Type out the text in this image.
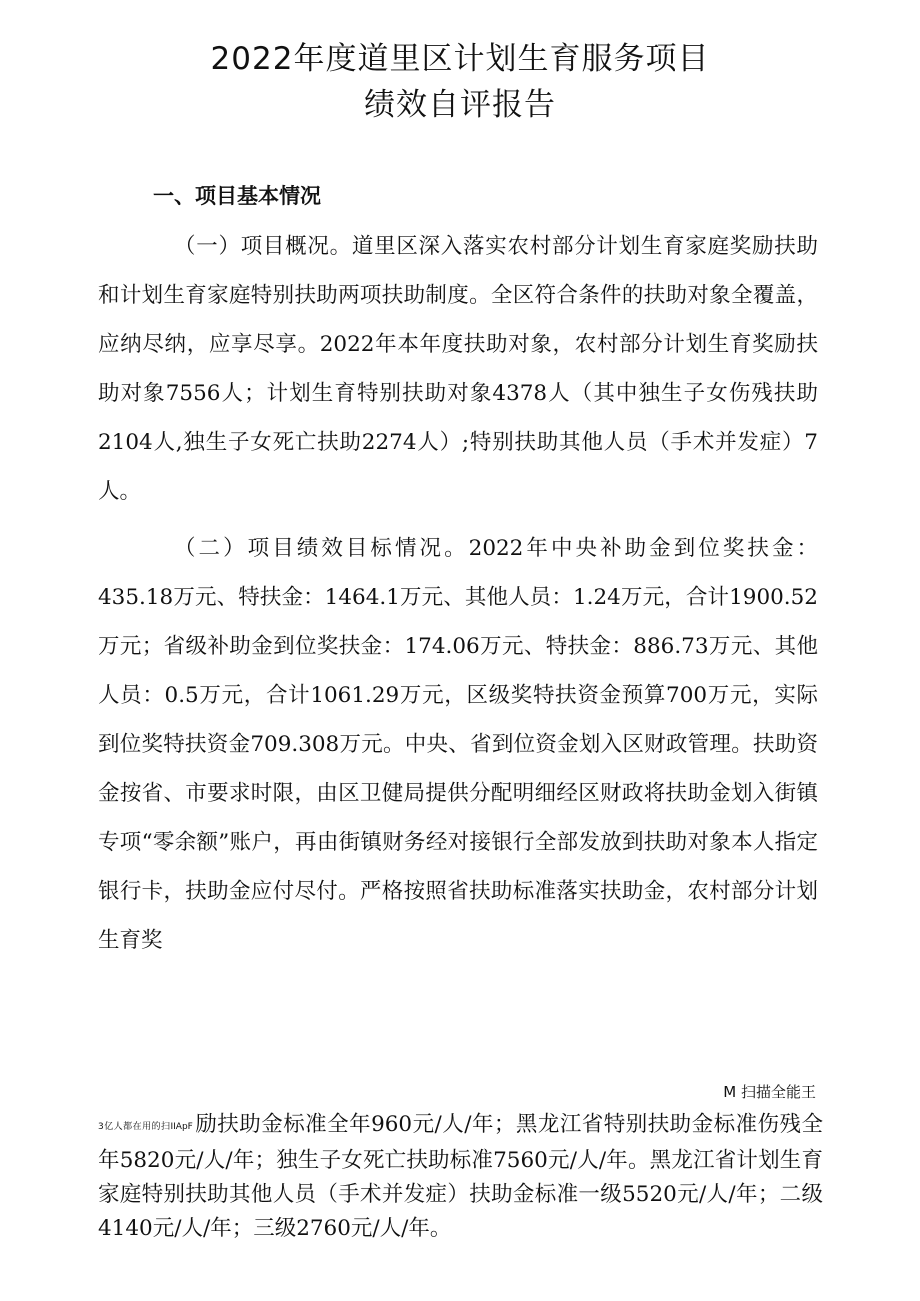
2022年度道里区计划生育服务项目
绩效自评报告
一、项目基本情况

（一）项目概况。道里区深入落实农村部分计划生育家庭奖励扶助和计划生育家庭特别扶助两项扶助制度。全区符合条件的扶助对象全覆盖，应纳尽纳，应享尽享。2022年本年度扶助对象，农村部分计划生育奖励扶助对象7556人；计划生育特别扶助对象4378人（其中独生子女伤残扶助2104人,独生子女死亡扶助2274人）;特别扶助其他人员（手术并发症）7人。

（二）项目绩效目标情况。2022年中央补助金到位奖扶金：435.18万元、特扶金：1464.1万元、其他人员：1.24万元，合计1900.52万元；省级补助金到位奖扶金：174.06万元、特扶金：886.73万元、其他人员：0.5万元，合计1061.29万元，区级奖特扶资金预算700万元，实际到位奖特扶资金709.308万元。中央、省到位资金划入区财政管理。扶助资金按省、市要求时限，由区卫健局提供分配明细经区财政将扶助金划入街镇专项“零余额”账户，再由街镇财务经对接银行全部发放到扶助对象本人指定银行卡，扶助金应付尽付。严格按照省扶助标准落实扶助金，农村部分计划生育奖

M 扫描全能王

3亿人都在用的扫IIApF励扶助金标准全年960元/人/年；黑龙江省特别扶助金标准伤残全年5820元/人/年；独生子女死亡扶助标准7560元/人/年。黑龙江省计划生育家庭特别扶助其他人员（手术并发症）扶助金标准一级5520元/人/年；二级4140元/人/年；三级2760元/人/年。
